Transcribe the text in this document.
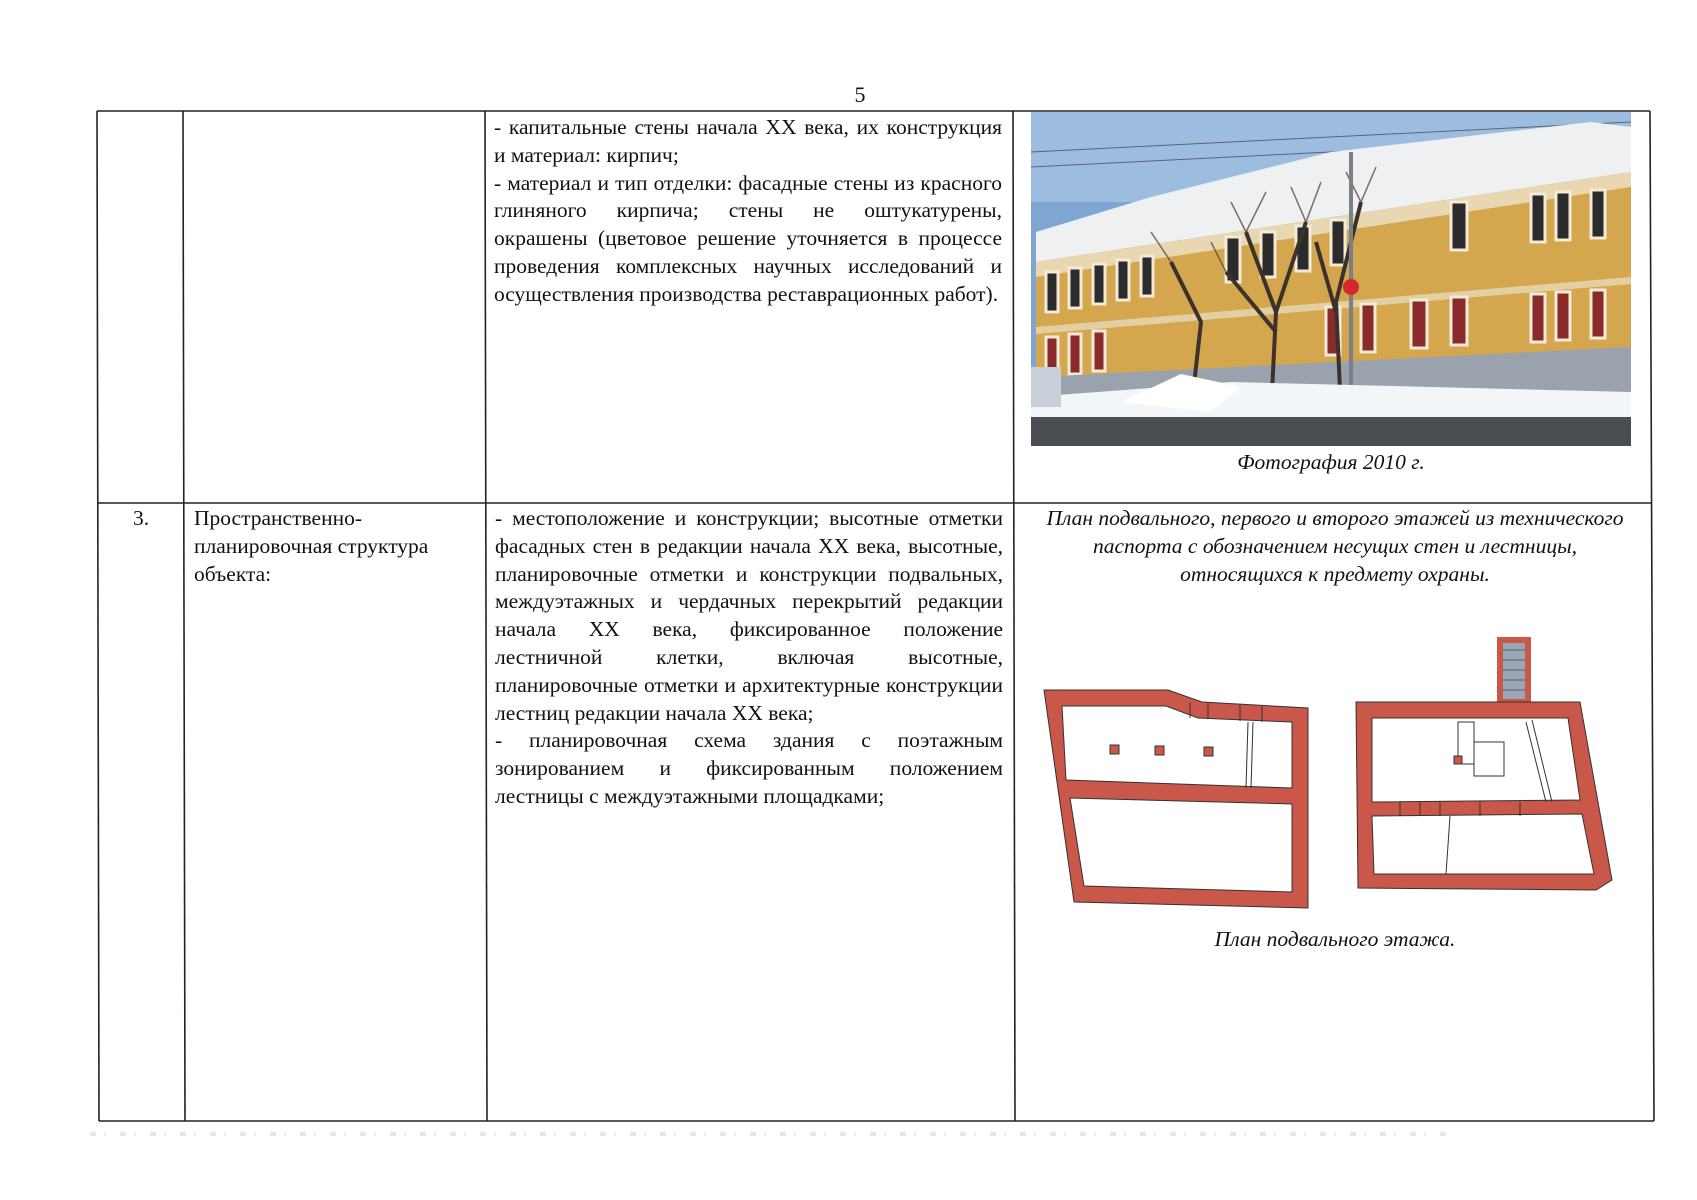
5

- капитальные стены начала XX века, их конструкция и материал: кирпич;

- материал и тип отделки: фасадные стены из красного глиняного кирпича; стены не оштукатурены, окрашены (цветовое решение уточняется в процессе проведения комплексных научных исследований и осуществления производства реставрационных работ).

Фотография 2010 г.
3.	Пространственно-планировочная структура объекта:

- местоположение и конструкции; высотные отметки фасадных стен в редакции начала XX века, высотные, планировочные отметки и конструкции подвальных, междуэтажных и чердачных перекрытий редакции начала XX века, фиксированное положение лестничной клетки, включая высотные, планировочные отметки и архитектурные конструкции лестниц редакции начала XX века;

- планировочная схема здания с поэтажным зонированием и фиксированным положением лестницы с междуэтажными площадками;

План подвального, первого и второго этажей из технического паспорта с обозначением несущих стен и лестницы, относящихся к предмету охраны.
План подвального этажа.
